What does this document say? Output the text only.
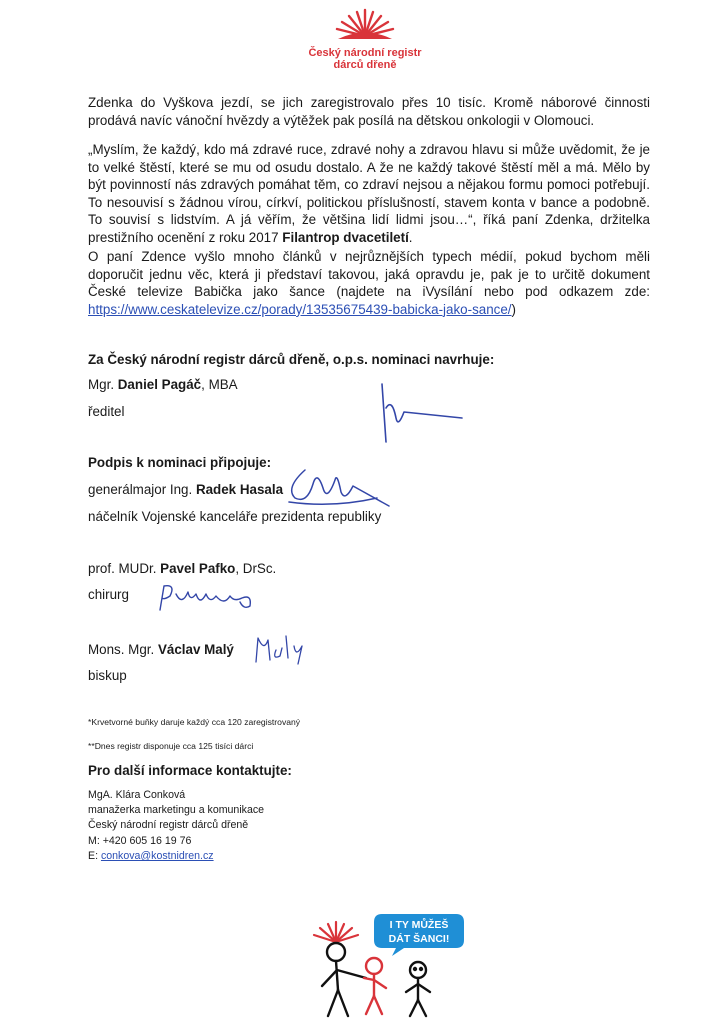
Český národní registr
dárců dřeně
Zdenka do Vyškova jezdí, se jich zaregistrovalo přes 10 tisíc. Kromě náborové činnosti prodává navíc vánoční hvězdy a výtěžek pak posílá na dětskou onkologii v Olomouci.
„Myslím, že každý, kdo má zdravé ruce, zdravé nohy a zdravou hlavu si může uvědomit, že je to velké štěstí, které se mu od osudu dostalo. A že ne každý takové štěstí měl a má. Mělo by být povinností nás zdravých pomáhat těm, co zdraví nejsou a nějakou formu pomoci potřebují. To nesouvisí s žádnou vírou, církví, politickou příslušností, stavem konta v bance a podobně. To souvisí s lidstvím. A já věřím, že většina lidí lidmi jsou…“, říká paní Zdenka, držitelka prestižního ocenění z roku 2017 Filantrop dvacetiletí.
O paní Zdence vyšlo mnoho článků v nejrůznějších typech médií, pokud bychom měli doporučit jednu věc, která ji představí takovou, jaká opravdu je, pak je to určitě dokument České televize Babička jako šance (najdete na iVysílání nebo pod odkazem zde: https://www.ceskatelevize.cz/porady/13535675439-babicka-jako-sance/)
Za Český národní registr dárců dřeně, o.p.s. nominaci navrhuje:
Mgr. Daniel Pagáč, MBA
ředitel
Podpis k nominaci připojuje:
generálmajor Ing. Radek Hasala
náčelník Vojenské kanceláře prezidenta republiky
prof. MUDr. Pavel Pafko, DrSc.
chirurg
Mons. Mgr. Václav Malý
biskup
*Krvetvorné buňky daruje každý cca 120 zaregistrovaný
**Dnes registr disponuje cca 125 tisíci dárci
Pro další informace kontaktujte:
MgA. Klára Conková
manažerka marketingu a komunikace
Český národní registr dárců dřeně
M: +420 605 16 19 76
E: conkova@kostnidren.cz
I TY MŮŽEŠ
DÁT ŠANCI!
